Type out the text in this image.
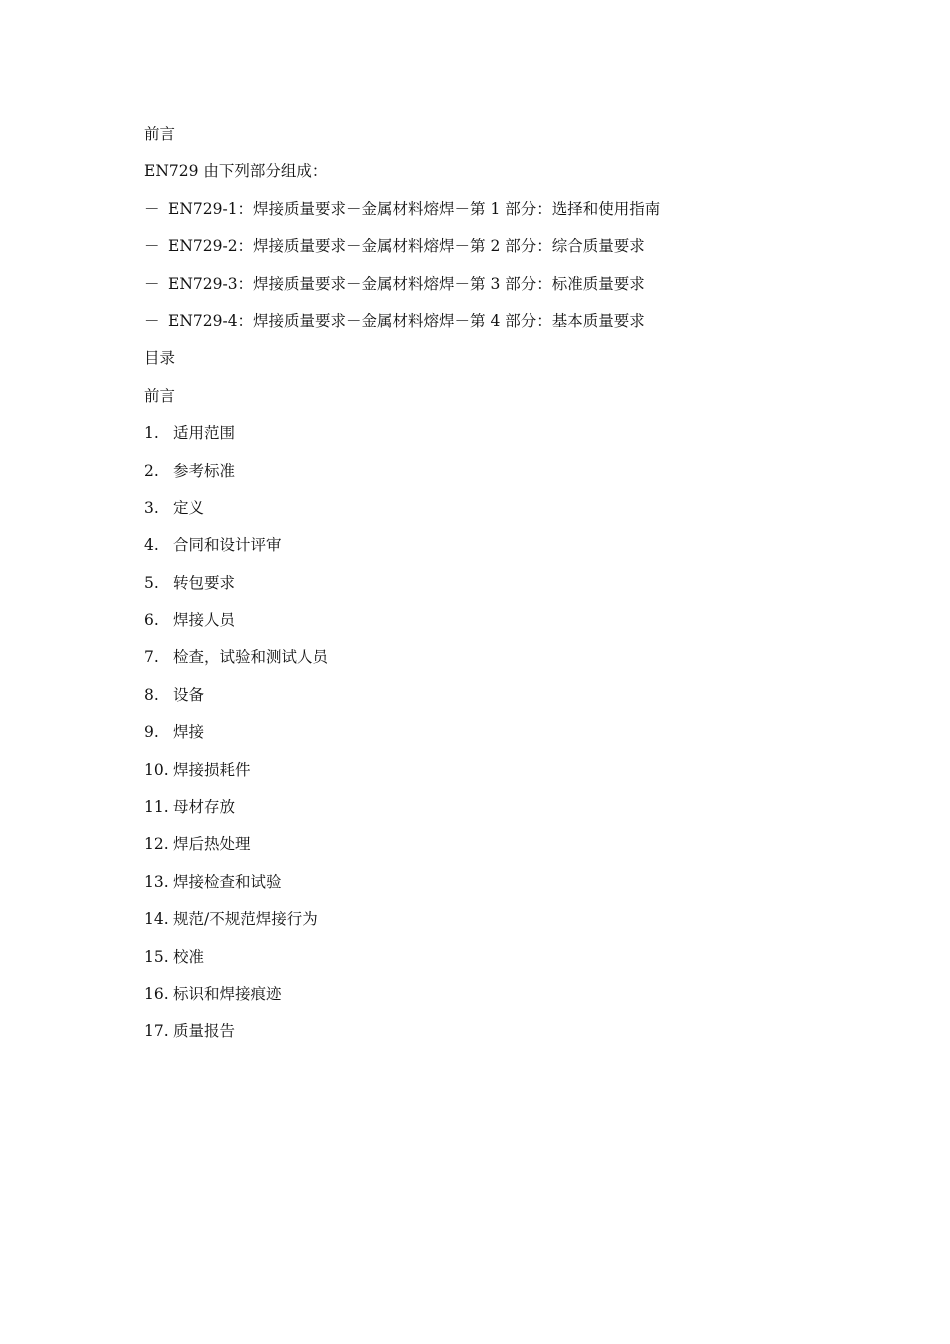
前言
EN729 由下列部分组成：
－ EN729-1：焊接质量要求－金属材料熔焊－第 1 部分：选择和使用指南
－ EN729-2：焊接质量要求－金属材料熔焊－第 2 部分：综合质量要求
－ EN729-3：焊接质量要求－金属材料熔焊－第 3 部分：标准质量要求
－ EN729-4：焊接质量要求－金属材料熔焊－第 4 部分：基本质量要求
目录
前言
1. 适用范围
2. 参考标准
3. 定义
4. 合同和设计评审
5. 转包要求
6. 焊接人员
7. 检查，试验和测试人员
8. 设备
9. 焊接
10. 焊接损耗件
11. 母材存放
12. 焊后热处理
13. 焊接检查和试验
14. 规范/不规范焊接行为
15. 校准
16. 标识和焊接痕迹
17. 质量报告
